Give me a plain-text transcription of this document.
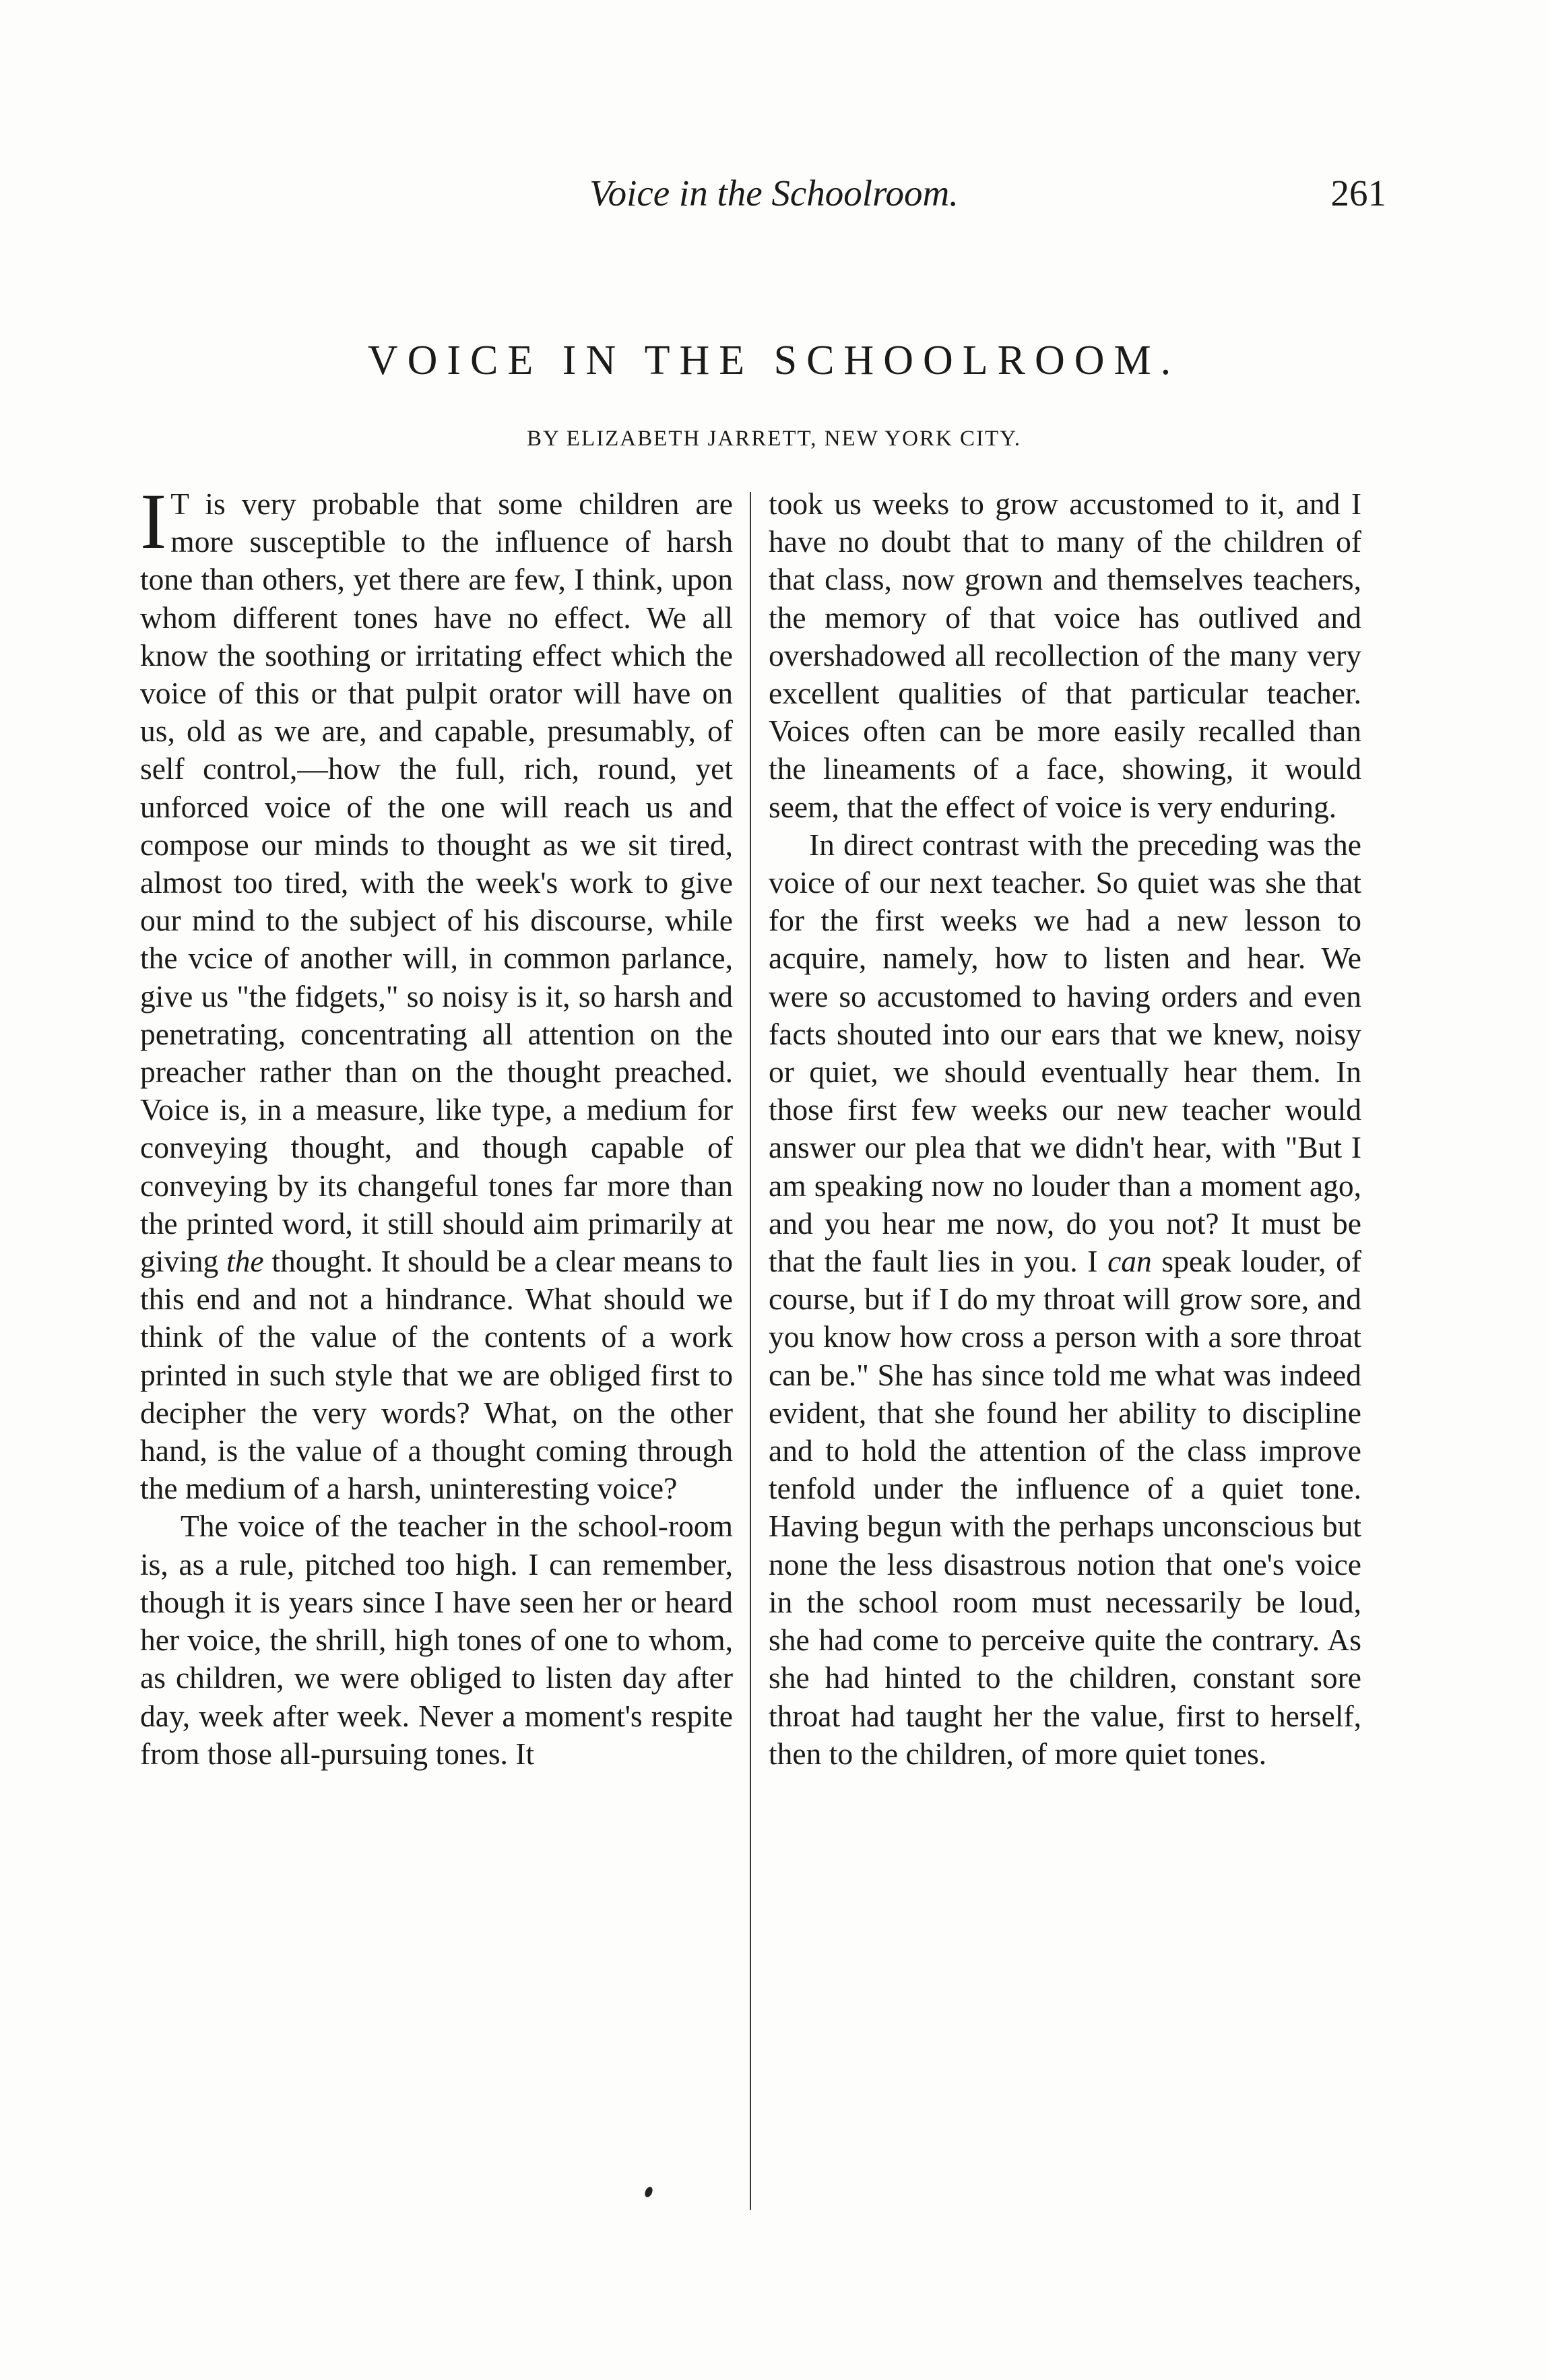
Voice in the Schoolroom.	261
VOICE IN THE SCHOOLROOM.
BY ELIZABETH JARRETT, NEW YORK CITY.

I T is very probable that some children are more susceptible to the influence of harsh tone than others, yet there are few, I think, upon whom different tones have no effect. We all know the soothing or irritating effect which the voice of this or that pulpit orator will have on us, old as we are, and capable, presumably, of self control,—how the full, rich, round, yet unforced voice of the one will reach us and compose our minds to thought as we sit tired, almost too tired, with the week's work to give our mind to the subject of his discourse, while the vcice of another will, in common parlance, give us "the fidgets," so noisy is it, so harsh and penetrating, concentrating all attention on the preacher rather than on the thought preached. Voice is, in a measure, like type, a medium for conveying thought, and though capable of conveying by its changeful tones far more than the printed word, it still should aim primarily at giving the thought. It should be a clear means to this end and not a hindrance. What should we think of the value of the contents of a work printed in such style that we are obliged first to decipher the very words? What, on the other hand, is the value of a thought coming through the medium of a harsh, uninteresting voice?

The voice of the teacher in the school-room is, as a rule, pitched too high. I can remember, though it is years since I have seen her or heard her voice, the shrill, high tones of one to whom, as children, we were obliged to listen day after day, week after week. Never a moment's respite from those all-pursuing tones. It

took us weeks to grow accustomed to it, and I have no doubt that to many of the children of that class, now grown and themselves teachers, the memory of that voice has outlived and overshadowed all recollection of the many very excellent qualities of that particular teacher. Voices often can be more easily recalled than the lineaments of a face, showing, it would seem, that the effect of voice is very enduring.

In direct contrast with the preceding was the voice of our next teacher. So quiet was she that for the first weeks we had a new lesson to acquire, namely, how to listen and hear. We were so accustomed to having orders and even facts shouted into our ears that we knew, noisy or quiet, we should eventually hear them. In those first few weeks our new teacher would answer our plea that we didn't hear, with "But I am speaking now no louder than a moment ago, and you hear me now, do you not? It must be that the fault lies in you. I can speak louder, of course, but if I do my throat will grow sore, and you know how cross a person with a sore throat can be." She has since told me what was indeed evident, that she found her ability to discipline and to hold the attention of the class improve tenfold under the influence of a quiet tone. Having begun with the perhaps unconscious but none the less disastrous notion that one's voice in the school room must necessarily be loud, she had come to perceive quite the contrary. As she had hinted to the children, constant sore throat had taught her the value, first to herself, then to the children, of more quiet tones.
